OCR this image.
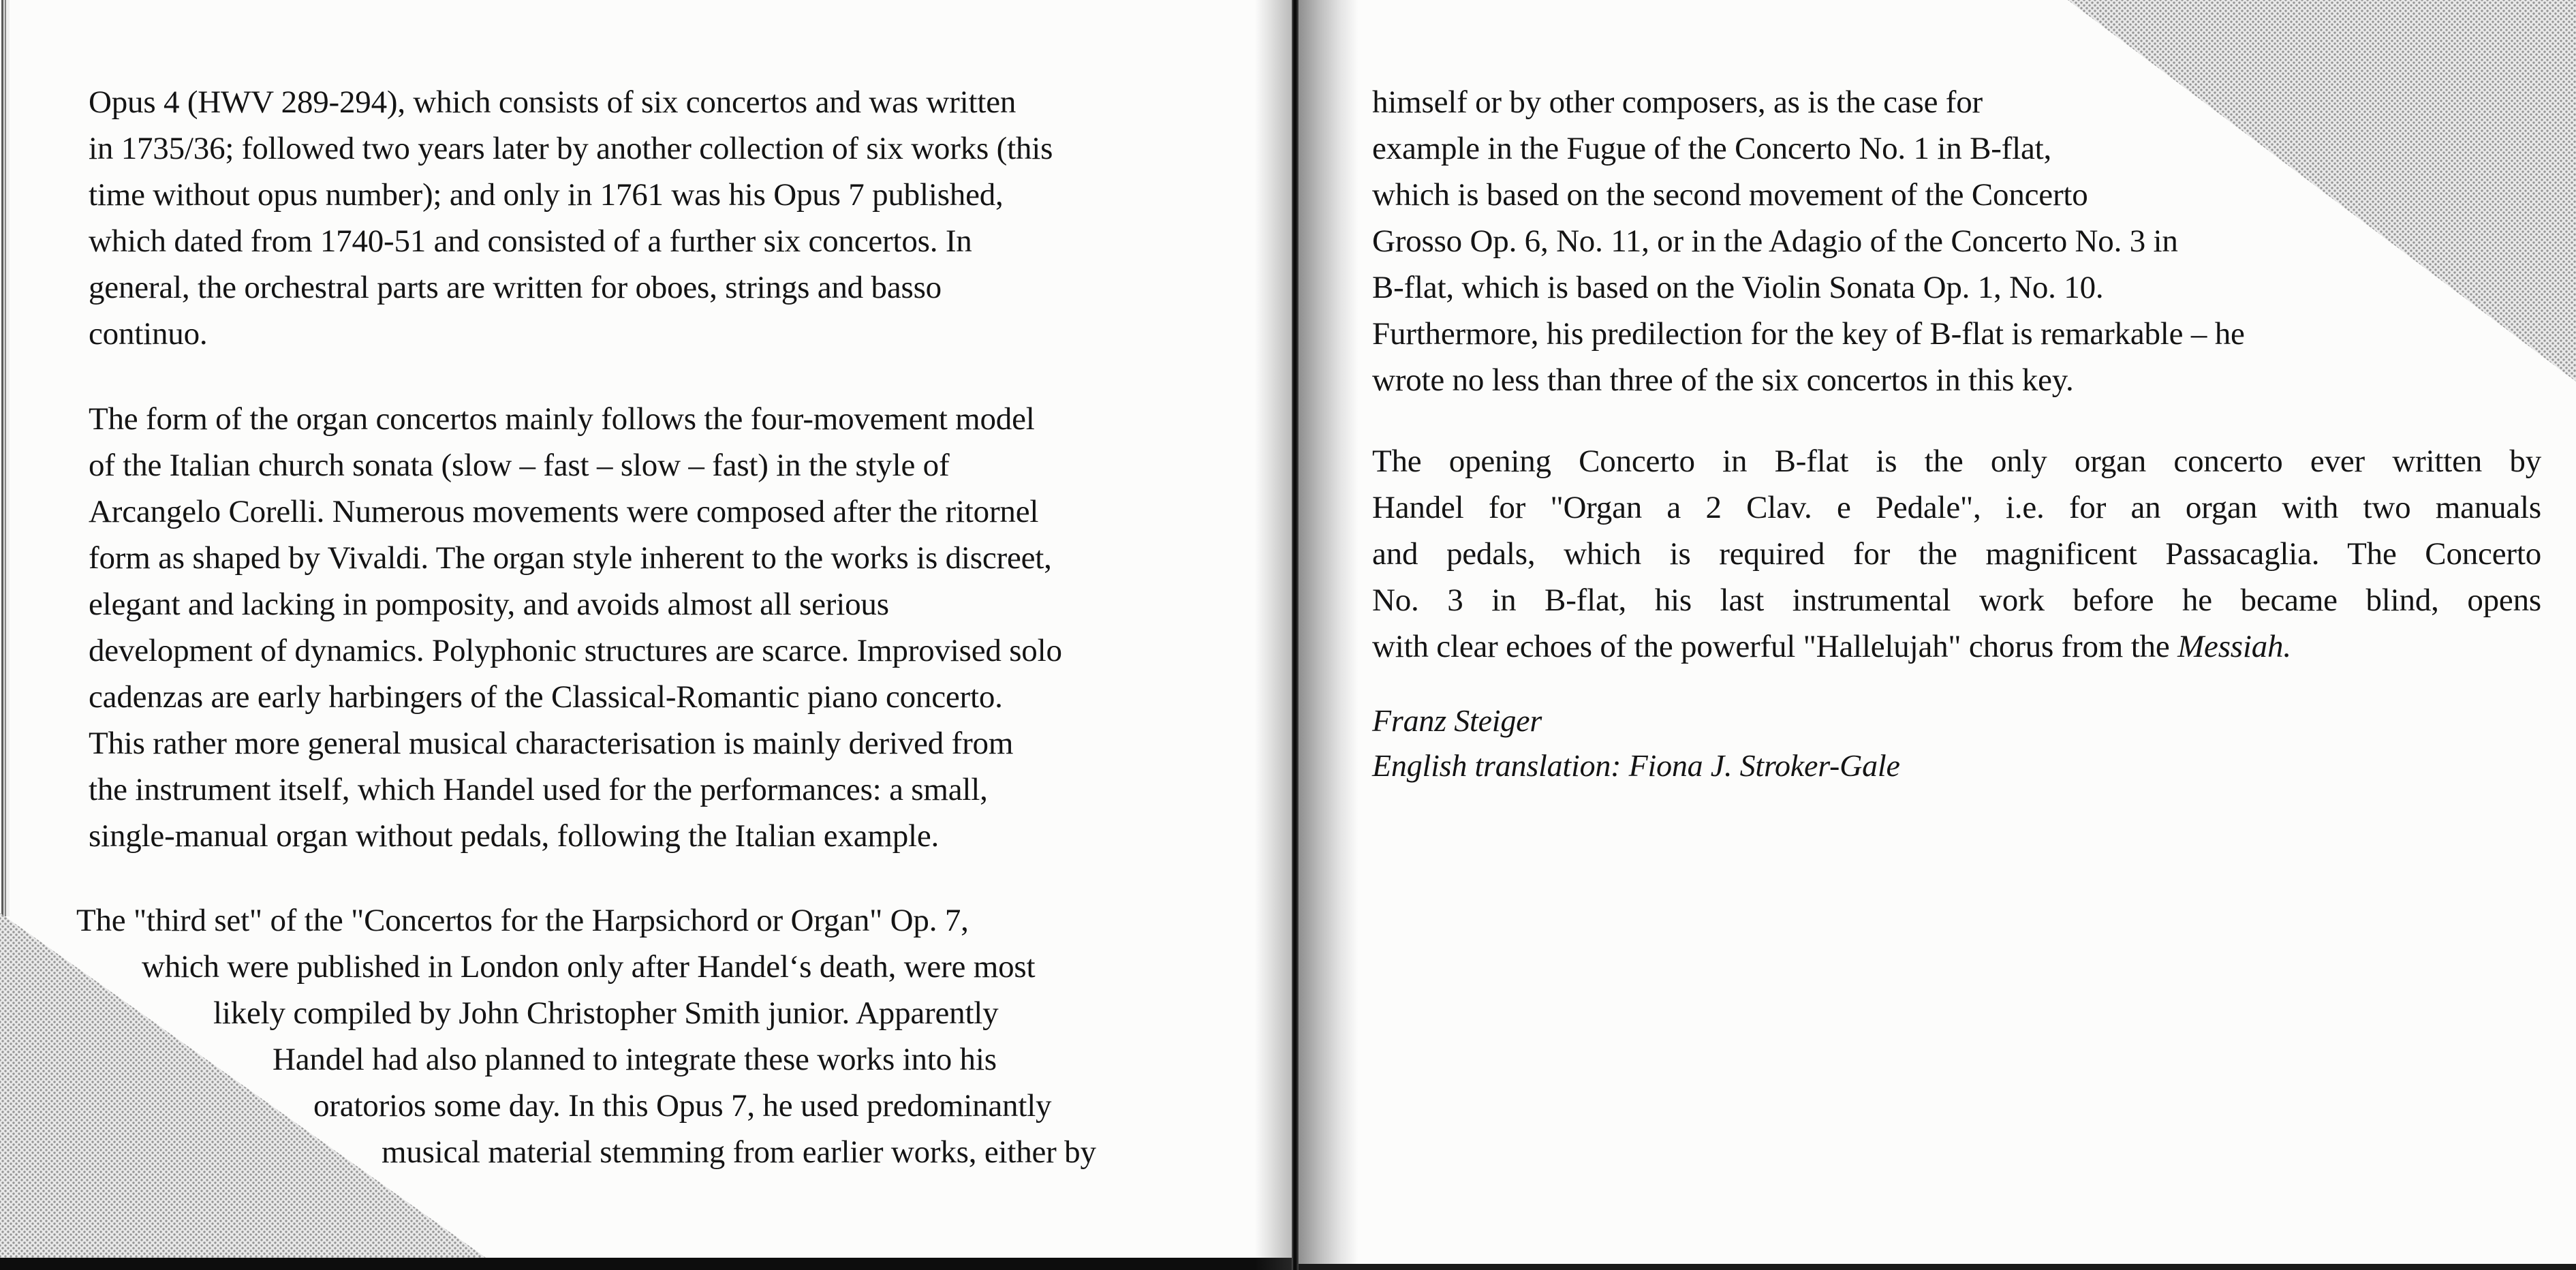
Opus 4 (HWV 289-294), which consists of six concertos and was written
in 1735/36; followed two years later by another collection of six works (this
time without opus number); and only in 1761 was his Opus 7 published,
which dated from 1740-51 and consisted of a further six concertos. In
general, the orchestral parts are written for oboes, strings and basso
continuo.
The form of the organ concertos mainly follows the four-movement model
of the Italian church sonata (slow – fast – slow – fast) in the style of
Arcangelo Corelli. Numerous movements were composed after the ritornel
form as shaped by Vivaldi. The organ style inherent to the works is discreet,
elegant and lacking in pomposity, and avoids almost all serious
development of dynamics. Polyphonic structures are scarce. Improvised solo
cadenzas are early harbingers of the Classical-Romantic piano concerto.
This rather more general musical characterisation is mainly derived from
the instrument itself, which Handel used for the performances: a small,
single-manual organ without pedals, following the Italian example.
The "third set" of the "Concertos for the Harpsichord or Organ" Op. 7,
which were published in London only after Handel‘s death, were most
likely compiled by John Christopher Smith junior. Apparently
Handel had also planned to integrate these works into his
oratorios some day. In this Opus 7, he used predominantly
musical material stemming from earlier works, either by
himself or by other composers, as is the case for
example in the Fugue of the Concerto No. 1 in B-flat,
which is based on the second movement of the Concerto
Grosso Op. 6, No. 11, or in the Adagio of the Concerto No. 3 in
B-flat, which is based on the Violin Sonata Op. 1, No. 10.
Furthermore, his predilection for the key of B-flat is remarkable – he
wrote no less than three of the six concertos in this key.
The opening Concerto in B-flat is the only organ concerto ever written by
Handel for "Organ a 2 Clav. e Pedale", i.e. for an organ with two manuals
and pedals, which is required for the magnificent Passacaglia. The Concerto
No. 3 in B-flat, his last instrumental work before he became blind, opens
with clear echoes of the powerful "Hallelujah" chorus from the Messiah.
Franz Steiger
English translation: Fiona J. Stroker-Gale
